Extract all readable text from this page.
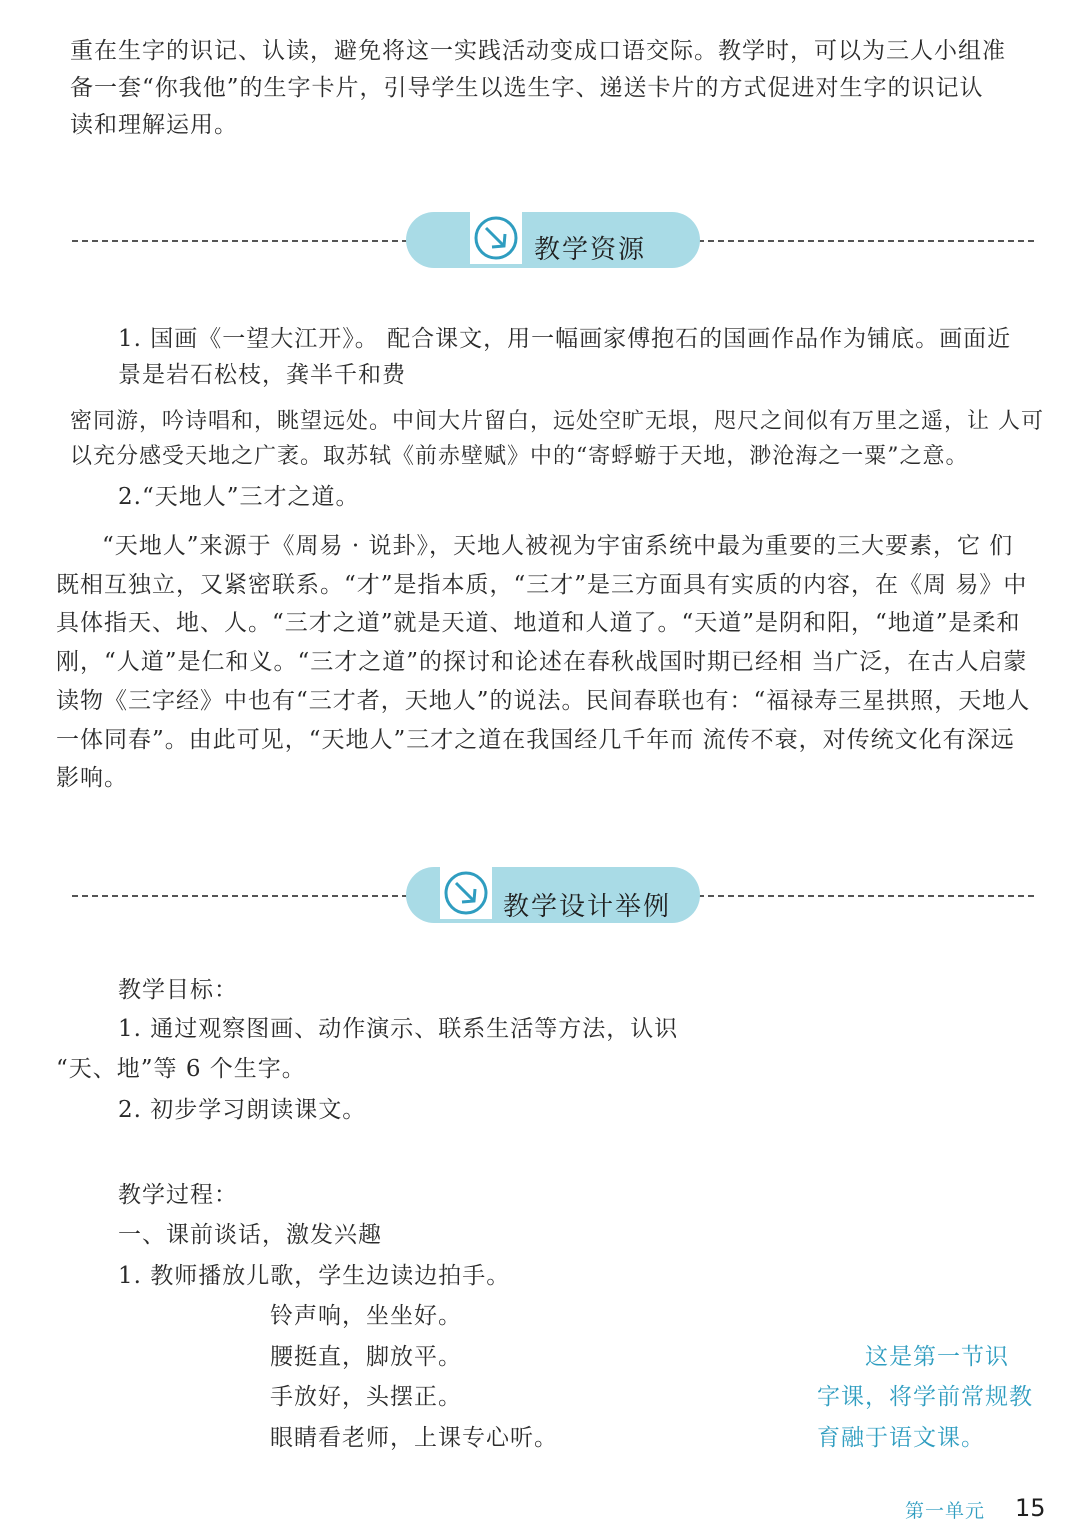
重在生字的识记、认读，避免将这一实践活动变成口语交际。教学时，可以为三人小组准
备一套“你我他”的生字卡片，引导学生以选生字、递送卡片的方式促进对生字的识记认
读和理解运用。
教学资源
1. 国画《一望大江开》。 配合课文，用一幅画家傅抱石的国画作品作为铺底。画面近
景是岩石松枝，龚半千和费
密同游，吟诗唱和，眺望远处。中间大片留白，远处空旷无垠，咫尺之间似有万里之遥，让 人可
以充分感受天地之广袤。取苏轼《前赤壁赋》中的“寄蜉蝣于天地，渺沧海之一粟”之意。
2.“天地人”三才之道。
“天地人”来源于《周易 · 说卦》，天地人被视为宇宙系统中最为重要的三大要素，它 们
既相互独立，又紧密联系。“才”是指本质，“三才”是三方面具有实质的内容，在《周 易》中
具体指天、地、人。“三才之道”就是天道、地道和人道了。“天道”是阴和阳，“地道”是柔和
刚，“人道”是仁和义。“三才之道”的探讨和论述在春秋战国时期已经相 当广泛，在古人启蒙
读物《三字经》中也有“三才者，天地人”的说法。民间春联也有：“福禄寿三星拱照，天地人
一体同春”。由此可见，“天地人”三才之道在我国经几千年而 流传不衰，对传统文化有深远
影响。
教学设计举例
教学目标：
1. 通过观察图画、动作演示、联系生活等方法，认识
“天、地”等 6 个生字。
2. 初步学习朗读课文。
教学过程：
一、课前谈话，激发兴趣
1. 教师播放儿歌，学生边读边拍手。
铃声响，坐坐好。
腰挺直，脚放平。
手放好，头摆正。
眼睛看老师，上课专心听。
这是第一节识
字课，将学前常规教
育融于语文课。
第一单元 15
